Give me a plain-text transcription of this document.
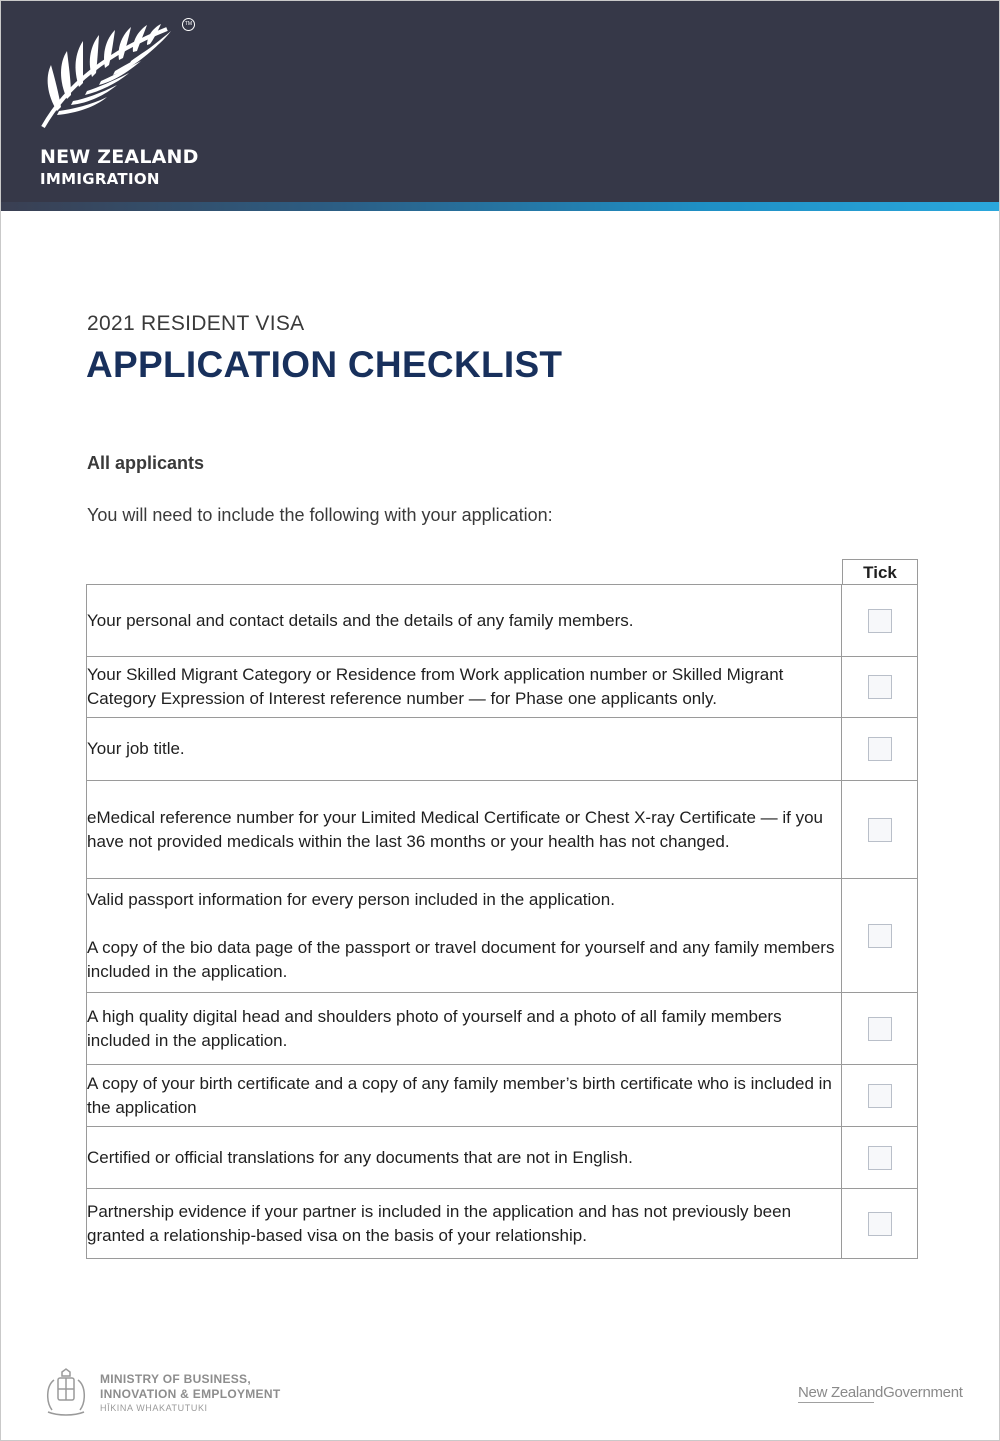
TM
NEW ZEALAND
IMMIGRATION
2021 RESIDENT VISA
APPLICATION CHECKLIST
All applicants
You will need to include the following with your application:
Tick

Your personal and contact details and the details of any family members.	

Your Skilled Migrant Category or Residence from Work application number or Skilled Migrant Category Expression of Interest reference number — for Phase one applicants only.	

Your job title.	

eMedical reference number for your Limited Medical Certificate or Chest X-ray Certificate — if you have not provided medicals within the last 36 months or your health has not changed.	

Valid passport information for every person included in the application.

A copy of the bio data page of the passport or travel document for yourself and any family members included in the application.	

A high quality digital head and shoulders photo of yourself and a photo of all family members included in the application.	

A copy of your birth certificate and a copy of any family member’s birth certificate who is included in the application	

Certified or official translations for any documents that are not in English.	

Partnership evidence if your partner is included in the application and has not previously been granted a relationship-based visa on the basis of your relationship.	

MINISTRY OF BUSINESS,
INNOVATION & EMPLOYMENT
HĪKINA WHAKATUTUKI
New ZealandGovernment
